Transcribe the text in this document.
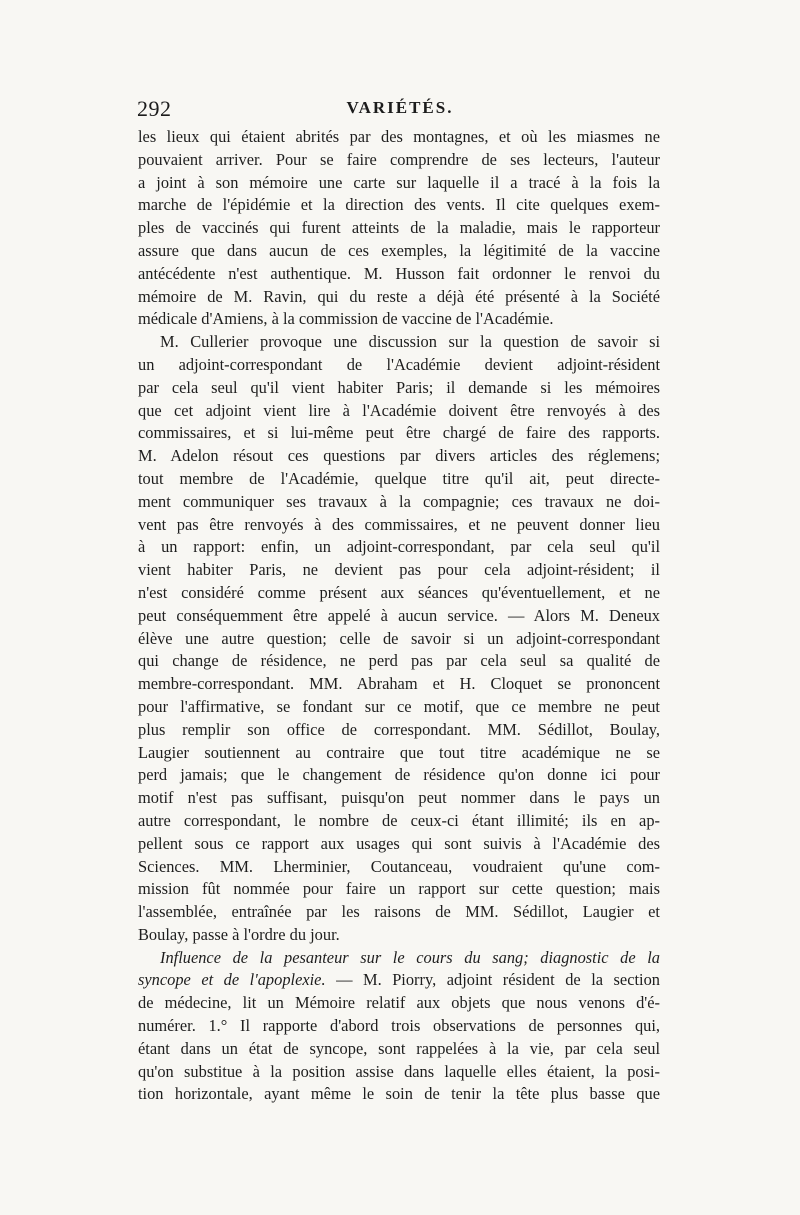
292	VARIÉTÉS.
les lieux qui étaient abrités par des montagnes, et où les miasmes ne
pouvaient arriver. Pour se faire comprendre de ses lecteurs, l'auteur
a joint à son mémoire une carte sur laquelle il a tracé à la fois la
marche de l'épidémie et la direction des vents. Il cite quelques exem-
ples de vaccinés qui furent atteints de la maladie, mais le rapporteur
assure que dans aucun de ces exemples, la légitimité de la vaccine
antécédente n'est authentique. M. Husson fait ordonner le renvoi du
mémoire de M. Ravin, qui du reste a déjà été présenté à la Société
médicale d'Amiens, à la commission de vaccine de l'Académie.
M. Cullerier provoque une discussion sur la question de savoir si
un adjoint-correspondant de l'Académie devient adjoint-résident
par cela seul qu'il vient habiter Paris; il demande si les mémoires
que cet adjoint vient lire à l'Académie doivent être renvoyés à des
commissaires, et si lui-même peut être chargé de faire des rapports.
M. Adelon résout ces questions par divers articles des réglemens;
tout membre de l'Académie, quelque titre qu'il ait, peut directe-
ment communiquer ses travaux à la compagnie; ces travaux ne doi-
vent pas être renvoyés à des commissaires, et ne peuvent donner lieu
à un rapport: enfin, un adjoint-correspondant, par cela seul qu'il
vient habiter Paris, ne devient pas pour cela adjoint-résident; il
n'est considéré comme présent aux séances qu'éventuellement, et ne
peut conséquemment être appelé à aucun service. — Alors M. Deneux
élève une autre question; celle de savoir si un adjoint-correspondant
qui change de résidence, ne perd pas par cela seul sa qualité de
membre-correspondant. MM. Abraham et H. Cloquet se prononcent
pour l'affirmative, se fondant sur ce motif, que ce membre ne peut
plus remplir son office de correspondant. MM. Sédillot, Boulay,
Laugier soutiennent au contraire que tout titre académique ne se
perd jamais; que le changement de résidence qu'on donne ici pour
motif n'est pas suffisant, puisqu'on peut nommer dans le pays un
autre correspondant, le nombre de ceux-ci étant illimité; ils en ap-
pellent sous ce rapport aux usages qui sont suivis à l'Académie des
Sciences. MM. Lherminier, Coutanceau, voudraient qu'une com-
mission fût nommée pour faire un rapport sur cette question; mais
l'assemblée, entraînée par les raisons de MM. Sédillot, Laugier et
Boulay, passe à l'ordre du jour.
Influence de la pesanteur sur le cours du sang; diagnostic de la
syncope et de l'apoplexie. — M. Piorry, adjoint résident de la section
de médecine, lit un Mémoire relatif aux objets que nous venons d'é-
numérer. 1.° Il rapporte d'abord trois observations de personnes qui,
étant dans un état de syncope, sont rappelées à la vie, par cela seul
qu'on substitue à la position assise dans laquelle elles étaient, la posi-
tion horizontale, ayant même le soin de tenir la tête plus basse que
